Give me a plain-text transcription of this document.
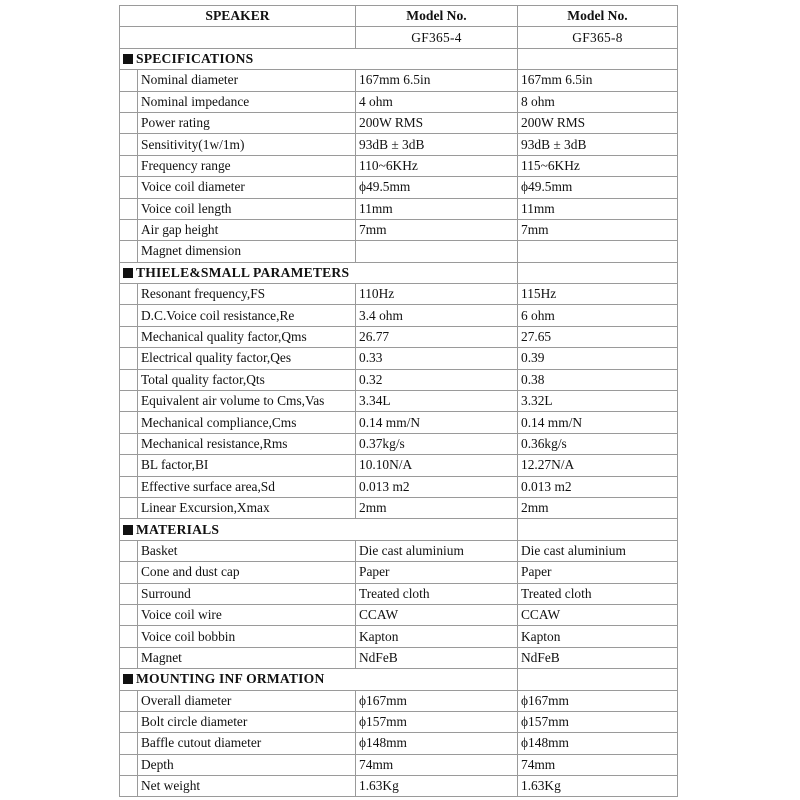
SPEAKER		Model No.	Model No.
		GF365-4	GF365-8
SPECIFICATIONS			
	Nominal diameter	167mm 6.5in	167mm 6.5in
	Nominal impedance	4 ohm	8 ohm
	Power rating	200W RMS	200W RMS
	Sensitivity(1w/1m)	93dB ± 3dB	93dB ± 3dB
	Frequency range	110~6KHz	115~6KHz
	Voice coil diameter	ϕ49.5mm	ϕ49.5mm
	Voice coil length	11mm	11mm
	Air gap height	7mm	7mm
	Magnet dimension		
THIELE&SMALL PARAMETERS			
	Resonant frequency,FS	110Hz	115Hz
	D.C.Voice coil resistance,Re	3.4 ohm	6 ohm
	Mechanical quality factor,Qms	26.77	27.65
	Electrical quality factor,Qes	0.33	0.39
	Total quality factor,Qts	0.32	0.38
	Equivalent air volume to Cms,Vas	3.34L	3.32L
	Mechanical compliance,Cms	0.14 mm/N	0.14 mm/N
	Mechanical resistance,Rms	0.37kg/s	0.36kg/s
	BL factor,BI	10.10N/A	12.27N/A
	Effective surface area,Sd	0.013 m2	0.013 m2
	Linear Excursion,Xmax	2mm	2mm
MATERIALS			
	Basket	Die cast aluminium	Die cast aluminium
	Cone and dust cap	Paper	Paper
	Surround	Treated cloth	Treated cloth
	Voice coil wire	CCAW	CCAW
	Voice coil bobbin	Kapton	Kapton
	Magnet	NdFeB	NdFeB
MOUNTING INF ORMATION			
	Overall diameter	ϕ167mm	ϕ167mm
	Bolt circle diameter	ϕ157mm	ϕ157mm
	Baffle cutout diameter	ϕ148mm	ϕ148mm
	Depth	74mm	74mm
	Net weight	1.63Kg	1.63Kg
